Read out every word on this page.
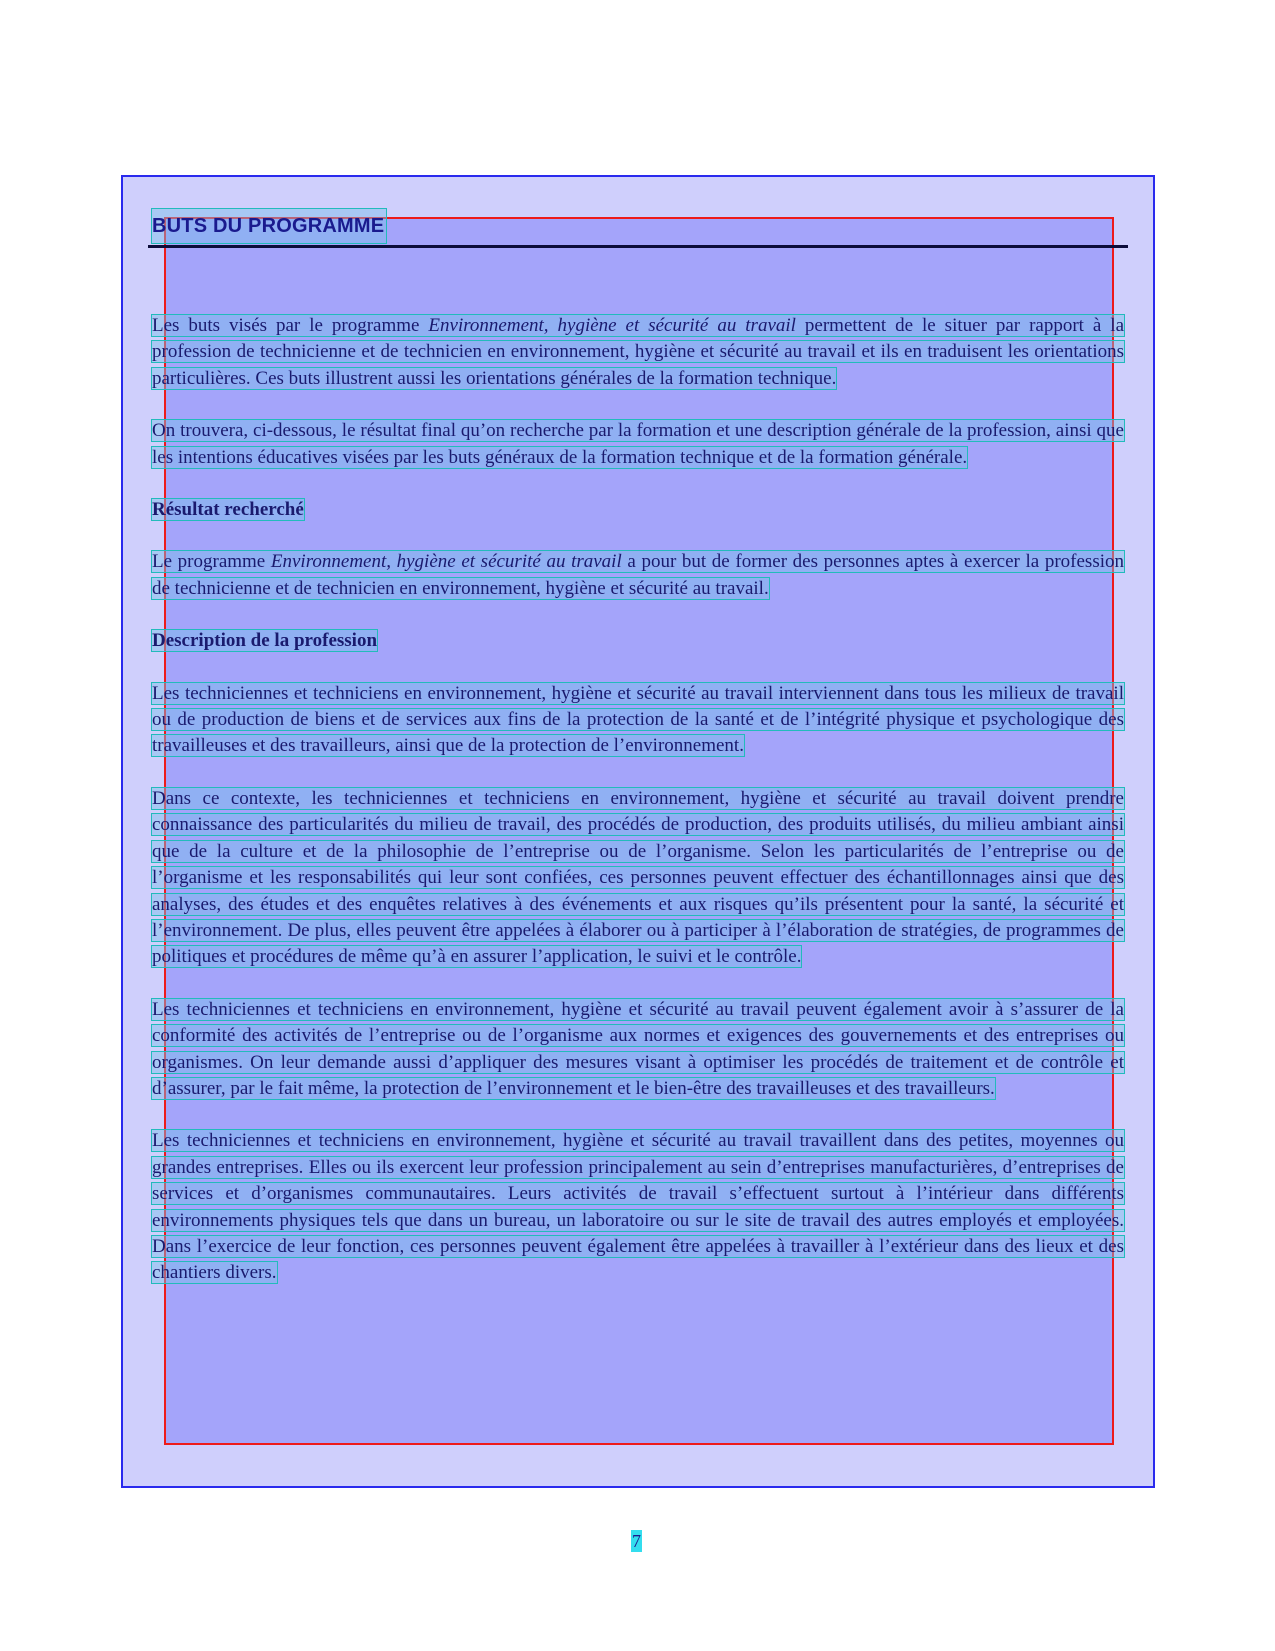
BUTS DU PROGRAMME

Les buts visés par le programme Environnement, hygiène et sécurité au travail permettent de le situer par rapport à la profession de technicienne et de technicien en environnement, hygiène et sécurité au travail et ils en traduisent les orientations particulières. Ces buts illustrent aussi les orientations générales de la formation technique.

On trouvera, ci-dessous, le résultat final qu’on recherche par la formation et une description générale de la profession, ainsi que les intentions éducatives visées par les buts généraux de la formation technique et de la formation générale.

Résultat recherché

Le programme Environnement, hygiène et sécurité au travail a pour but de former des personnes aptes à exercer la profession de technicienne et de technicien en environnement, hygiène et sécurité au travail.

Description de la profession

Les techniciennes et techniciens en environnement, hygiène et sécurité au travail interviennent dans tous les milieux de travail ou de production de biens et de services aux fins de la protection de la santé et de l’intégrité physique et psychologique des travailleuses et des travailleurs, ainsi que de la protection de l’environnement.

Dans ce contexte, les techniciennes et techniciens en environnement, hygiène et sécurité au travail doivent prendre connaissance des particularités du milieu de travail, des procédés de production, des produits utilisés, du milieu ambiant ainsi que de la culture et de la philosophie de l’entreprise ou de l’organisme. Selon les particularités de l’entreprise ou de l’organisme et les responsabilités qui leur sont confiées, ces personnes peuvent effectuer des échantillonnages ainsi que des analyses, des études et des enquêtes relatives à des événements et aux risques qu’ils présentent pour la santé, la sécurité et l’environnement. De plus, elles peuvent être appelées à élaborer ou à participer à l’élaboration de stratégies, de programmes de politiques et procédures de même qu’à en assurer l’application, le suivi et le contrôle.

Les techniciennes et techniciens en environnement, hygiène et sécurité au travail peuvent également avoir à s’assurer de la conformité des activités de l’entreprise ou de l’organisme aux normes et exigences des gouvernements et des entreprises ou organismes. On leur demande aussi d’appliquer des mesures visant à optimiser les procédés de traitement et de contrôle et d’assurer, par le fait même, la protection de l’environnement et le bien-être des travailleuses et des travailleurs.

Les techniciennes et techniciens en environnement, hygiène et sécurité au travail travaillent dans des petites, moyennes ou grandes entreprises. Elles ou ils exercent leur profession principalement au sein d’entreprises manufacturières, d’entreprises de services et d’organismes communautaires. Leurs activités de travail s’effectuent surtout à l’intérieur dans différents environnements physiques tels que dans un bureau, un laboratoire ou sur le site de travail des autres employés et employées. Dans l’exercice de leur fonction, ces personnes peuvent également être appelées à travailler à l’extérieur dans des lieux et des chantiers divers.

7
